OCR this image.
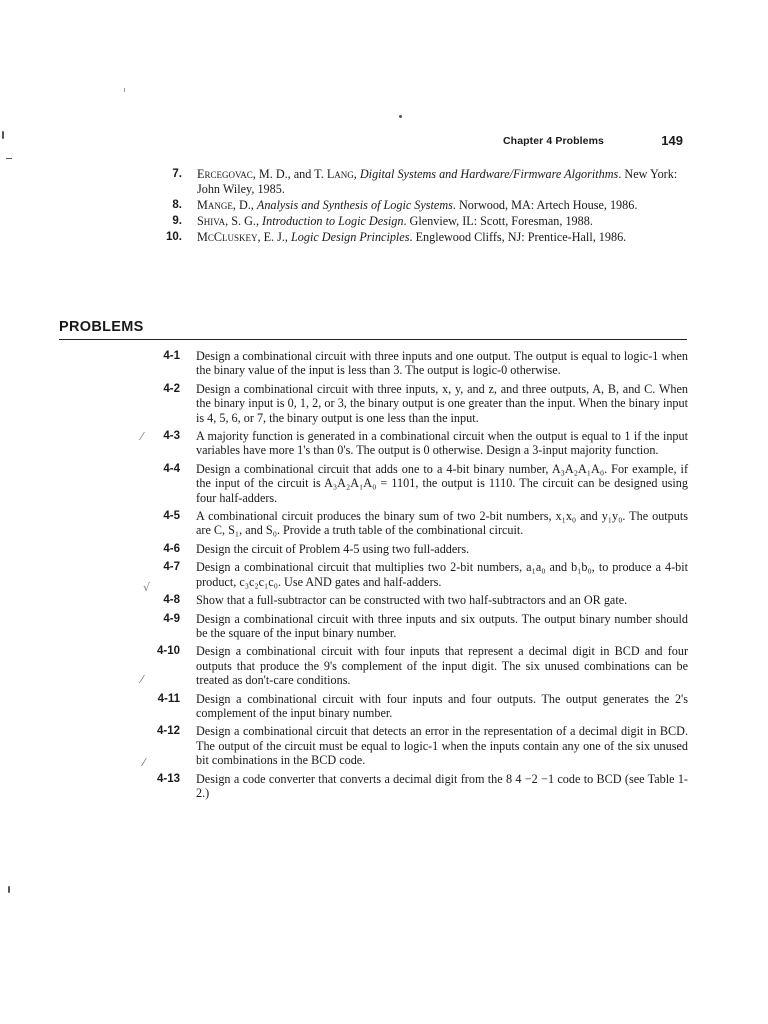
Chapter 4 Problems	149
7. Ercegovac, M. D., and T. Lang, Digital Systems and Hardware/Firmware Algorithms. New York: John Wiley, 1985.
8. Mange, D., Analysis and Synthesis of Logic Systems. Norwood, MA: Artech House, 1986.
9. Shiva, S. G., Introduction to Logic Design. Glenview, IL: Scott, Foresman, 1988.
10. McCluskey, E. J., Logic Design Principles. Englewood Cliffs, NJ: Prentice-Hall, 1986.
PROBLEMS
4-1 Design a combinational circuit with three inputs and one output. The output is equal to logic-1 when the binary value of the input is less than 3. The output is logic-0 otherwise.
4-2 Design a combinational circuit with three inputs, x, y, and z, and three outputs, A, B, and C. When the binary input is 0, 1, 2, or 3, the binary output is one greater than the input. When the binary input is 4, 5, 6, or 7, the binary output is one less than the input.
4-3 A majority function is generated in a combinational circuit when the output is equal to 1 if the input variables have more 1's than 0's. The output is 0 otherwise. Design a 3-input majority function.
4-4 Design a combinational circuit that adds one to a 4-bit binary number, A₃A₂A₁A₀. For example, if the input of the circuit is A₃A₂A₁A₀ = 1101, the output is 1110. The circuit can be designed using four half-adders.
4-5 A combinational circuit produces the binary sum of two 2-bit numbers, x₁x₀ and y₁y₀. The outputs are C, S₁, and S₀. Provide a truth table of the combinational circuit.
4-6 Design the circuit of Problem 4-5 using two full-adders.
4-7 Design a combinational circuit that multiplies two 2-bit numbers, a₁a₀ and b₁b₀, to produce a 4-bit product, c₃c₂c₁c₀. Use AND gates and half-adders.
4-8 Show that a full-subtractor can be constructed with two half-subtractors and an OR gate.
4-9 Design a combinational circuit with three inputs and six outputs. The output binary number should be the square of the input binary number.
4-10 Design a combinational circuit with four inputs that represent a decimal digit in BCD and four outputs that produce the 9's complement of the input digit. The six unused combinations can be treated as don't-care conditions.
4-11 Design a combinational circuit with four inputs and four outputs. The output generates the 2's complement of the input binary number.
4-12 Design a combinational circuit that detects an error in the representation of a decimal digit in BCD. The output of the circuit must be equal to logic-1 when the inputs contain any one of the six unused bit combinations in the BCD code.
4-13 Design a code converter that converts a decimal digit from the 8 4 −2 −1 code to BCD (see Table 1-2.)
⁄
√
⁄
⁄
